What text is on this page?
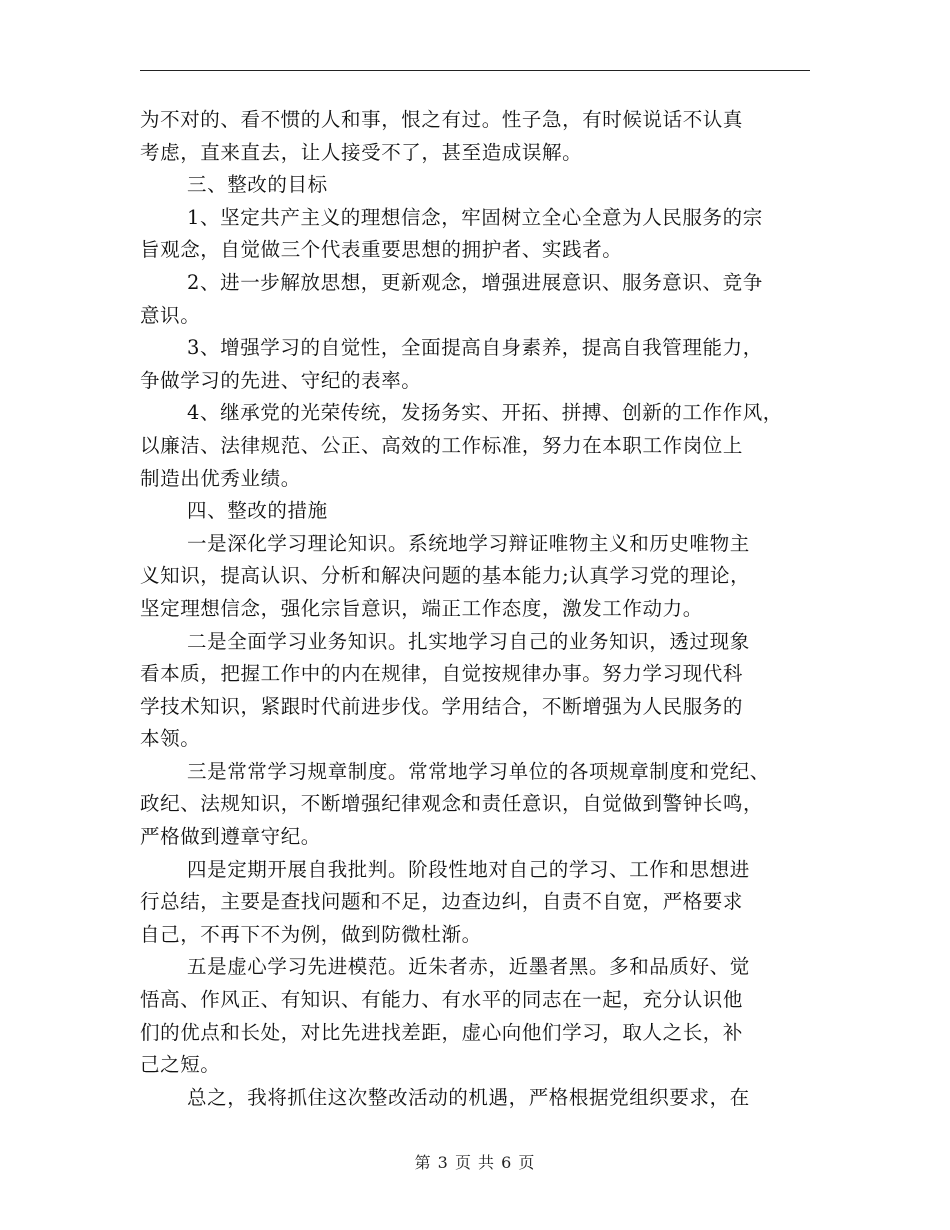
为不对的、看不惯的人和事，恨之有过。性子急，有时候说话不认真
考虑，直来直去，让人接受不了，甚至造成误解。
三、整改的目标
1、坚定共产主义的理想信念，牢固树立全心全意为人民服务的宗
旨观念，自觉做三个代表重要思想的拥护者、实践者。
2、进一步解放思想，更新观念，增强进展意识、服务意识、竞争
意识。
3、增强学习的自觉性，全面提高自身素养，提高自我管理能力，
争做学习的先进、守纪的表率。
4、继承党的光荣传统，发扬务实、开拓、拼搏、创新的工作作风，
以廉洁、法律规范、公正、高效的工作标准，努力在本职工作岗位上
制造出优秀业绩。
四、整改的措施
一是深化学习理论知识。系统地学习辩证唯物主义和历史唯物主
义知识，提高认识、分析和解决问题的基本能力;认真学习党的理论，
坚定理想信念，强化宗旨意识，端正工作态度，激发工作动力。
二是全面学习业务知识。扎实地学习自己的业务知识，透过现象
看本质，把握工作中的内在规律，自觉按规律办事。努力学习现代科
学技术知识，紧跟时代前进步伐。学用结合，不断增强为人民服务的
本领。
三是常常学习规章制度。常常地学习单位的各项规章制度和党纪、
政纪、法规知识，不断增强纪律观念和责任意识，自觉做到警钟长鸣，
严格做到遵章守纪。
四是定期开展自我批判。阶段性地对自己的学习、工作和思想进
行总结，主要是查找问题和不足，边查边纠，自责不自宽，严格要求
自己，不再下不为例，做到防微杜渐。
五是虚心学习先进模范。近朱者赤，近墨者黑。多和品质好、觉
悟高、作风正、有知识、有能力、有水平的同志在一起，充分认识他
们的优点和长处，对比先进找差距，虚心向他们学习，取人之长，补
己之短。
总之，我将抓住这次整改活动的机遇，严格根据党组织要求，在
第 3 页 共 6 页
